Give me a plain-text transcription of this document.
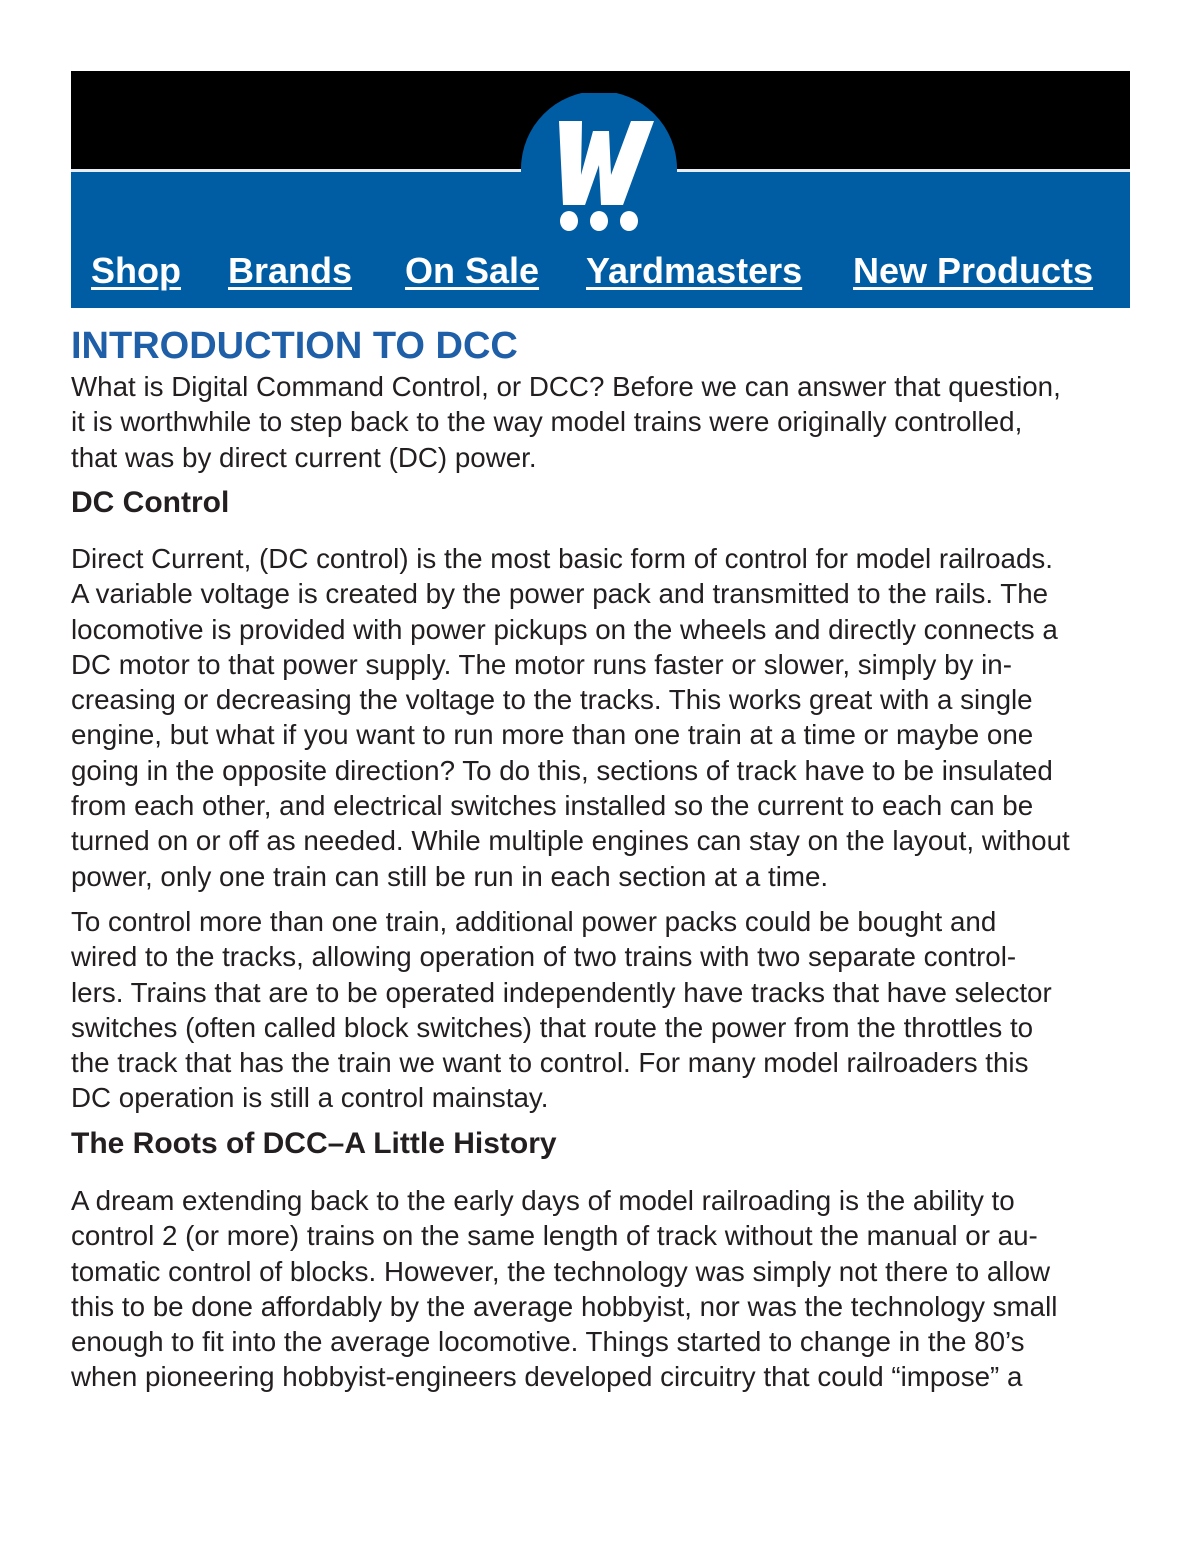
Shop Brands On Sale Yardmasters New Products
INTRODUCTION TO DCC

What is Digital Command Control, or DCC? Before we can answer that question,
it is worthwhile to step back to the way model trains were originally controlled,
that was by direct current (DC) power.

DC Control

Direct Current, (DC control) is the most basic form of control for model railroads.
A variable voltage is created by the power pack and transmitted to the rails. The
locomotive is provided with power pickups on the wheels and directly connects a
DC motor to that power supply. The motor runs faster or slower, simply by in-
creasing or decreasing the voltage to the tracks. This works great with a single
engine, but what if you want to run more than one train at a time or maybe one
going in the opposite direction? To do this, sections of track have to be insulated
from each other, and electrical switches installed so the current to each can be
turned on or off as needed. While multiple engines can stay on the layout, without
power, only one train can still be run in each section at a time.

To control more than one train, additional power packs could be bought and
wired to the tracks, allowing operation of two trains with two separate control-
lers. Trains that are to be operated independently have tracks that have selector
switches (often called block switches) that route the power from the throttles to
the track that has the train we want to control. For many model railroaders this
DC operation is still a control mainstay.

The Roots of DCC–A Little History

A dream extending back to the early days of model railroading is the ability to
control 2 (or more) trains on the same length of track without the manual or au-
tomatic control of blocks. However, the technology was simply not there to allow
this to be done affordably by the average hobbyist, nor was the technology small
enough to fit into the average locomotive. Things started to change in the 80’s
when pioneering hobbyist-engineers developed circuitry that could “impose” a
